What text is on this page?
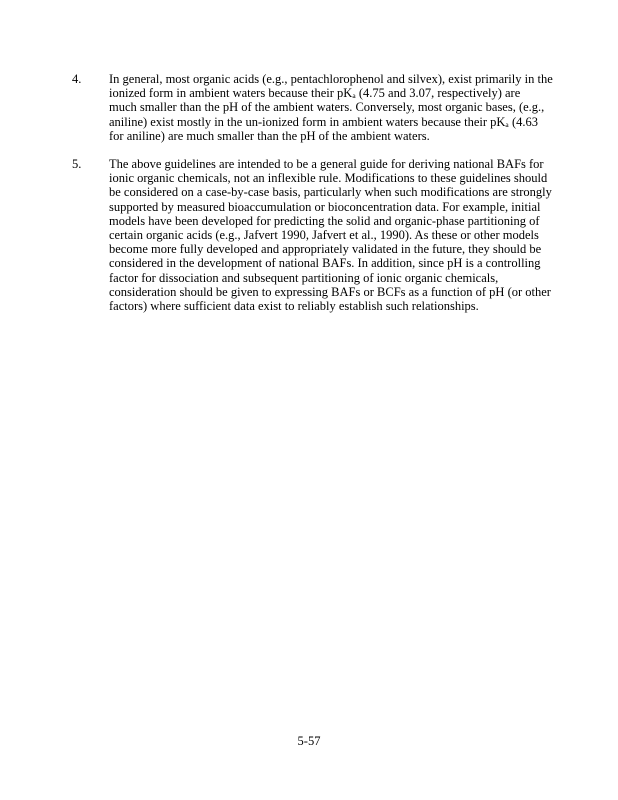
4. In general, most organic acids (e.g., pentachlorophenol and silvex), exist primarily in the
ionized form in ambient waters because their pKₐ (4.75 and 3.07, respectively) are
much smaller than the pH of the ambient waters. Conversely, most organic bases, (e.g.,
aniline) exist mostly in the un-ionized form in ambient waters because their pKₐ (4.63
for aniline) are much smaller than the pH of the ambient waters.
5. The above guidelines are intended to be a general guide for deriving national BAFs for
ionic organic chemicals, not an inflexible rule. Modifications to these guidelines should
be considered on a case-by-case basis, particularly when such modifications are strongly
supported by measured bioaccumulation or bioconcentration data. For example, initial
models have been developed for predicting the solid and organic-phase partitioning of
certain organic acids (e.g., Jafvert 1990, Jafvert et al., 1990). As these or other models
become more fully developed and appropriately validated in the future, they should be
considered in the development of national BAFs. In addition, since pH is a controlling
factor for dissociation and subsequent partitioning of ionic organic chemicals,
consideration should be given to expressing BAFs or BCFs as a function of pH (or other
factors) where sufficient data exist to reliably establish such relationships.
5-57
